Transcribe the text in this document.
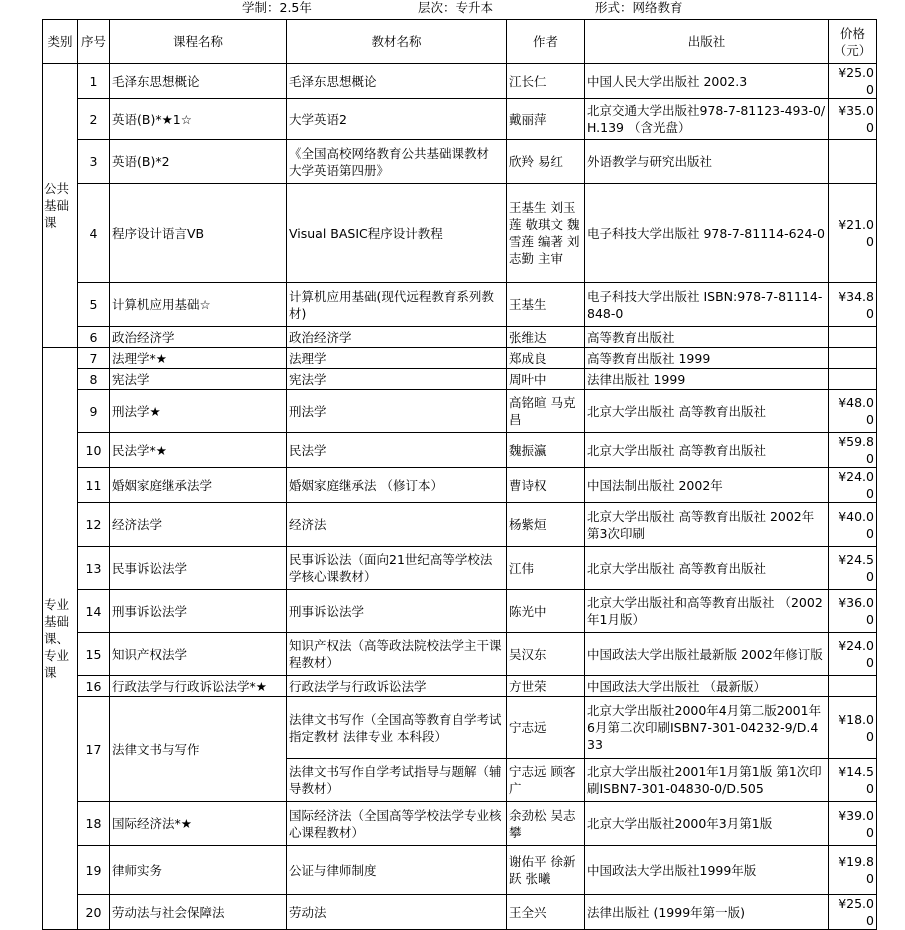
学制：2.5年	层次：专升本	形式：网络教育
类别	序号	课程名称	教材名称	作者	出版社	价格（元）
公共基础课	1	毛泽东思想概论	毛泽东思想概论	江长仁	中国人民大学出版社 2002.3	¥25.00
	2	英语(B)*★1☆	大学英语2	戴丽萍	北京交通大学出版社978-7-81123-493-0/H.139 （含光盘）	¥35.00
	3	英语(B)*2	《全国高校网络教育公共基础课教材 大学英语第四册》	欣羚 易红	外语教学与研究出版社	
	4	程序设计语言VB	Visual BASIC程序设计教程	王基生 刘玉莲 敬琪文 魏雪莲 编著 刘志勤 主审	电子科技大学出版社 978-7-81114-624-0	¥21.00
	5	计算机应用基础☆	计算机应用基础(现代远程教育系列教材)	王基生	电子科技大学出版社 ISBN:978-7-81114-848-0	¥34.80
	6	政治经济学	政治经济学	张维达	高等教育出版社	
专业基础课、专业课	7	法理学*★	法理学	郑成良	高等教育出版社 1999	
	8	宪法学	宪法学	周叶中	法律出版社 1999	
	9	刑法学★	刑法学	高铭暄 马克昌	北京大学出版社 高等教育出版社	¥48.00
	10	民法学*★	民法学	魏振瀛	北京大学出版社 高等教育出版社	¥59.80
	11	婚姻家庭继承法学	婚姻家庭继承法 （修订本）	曹诗权	中国法制出版社 2002年	¥24.00
	12	经济法学	经济法	杨紫烜	北京大学出版社 高等教育出版社 2002年第3次印刷	¥40.00
	13	民事诉讼法学	民事诉讼法（面向21世纪高等学校法学核心课教材）	江伟	北京大学出版社 高等教育出版社	¥24.50
	14	刑事诉讼法学	刑事诉讼法学	陈光中	北京大学出版社和高等教育出版社 （2002年1月版）	¥36.00
	15	知识产权法学	知识产权法（高等政法院校法学主干课程教材）	吴汉东	中国政法大学出版社最新版 2002年修订版	¥24.00
	16	行政法学与行政诉讼法学*★	行政法学与行政诉讼法学	方世荣	中国政法大学出版社 （最新版）	
	17	法律文书与写作	法律文书写作（全国高等教育自学考试指定教材 法律专业 本科段）	宁志远	北京大学出版社2000年4月第二版2001年6月第二次印刷ISBN7-301-04232-9/D.433	¥18.00
			法律文书写作自学考试指导与题解（辅导教材）	宁志远 顾客广	北京大学出版社2001年1月第1版 第1次印刷ISBN7-301-04830-0/D.505	¥14.50
	18	国际经济法*★	国际经济法（全国高等学校法学专业核心课程教材）	余劲松 吴志攀	北京大学出版社2000年3月第1版	¥39.00
	19	律师实务	公证与律师制度	谢佑平 徐新跃 张曦	中国政法大学出版社1999年版	¥19.80
	20	劳动法与社会保障法	劳动法	王全兴	法律出版社 (1999年第一版)	¥25.00
